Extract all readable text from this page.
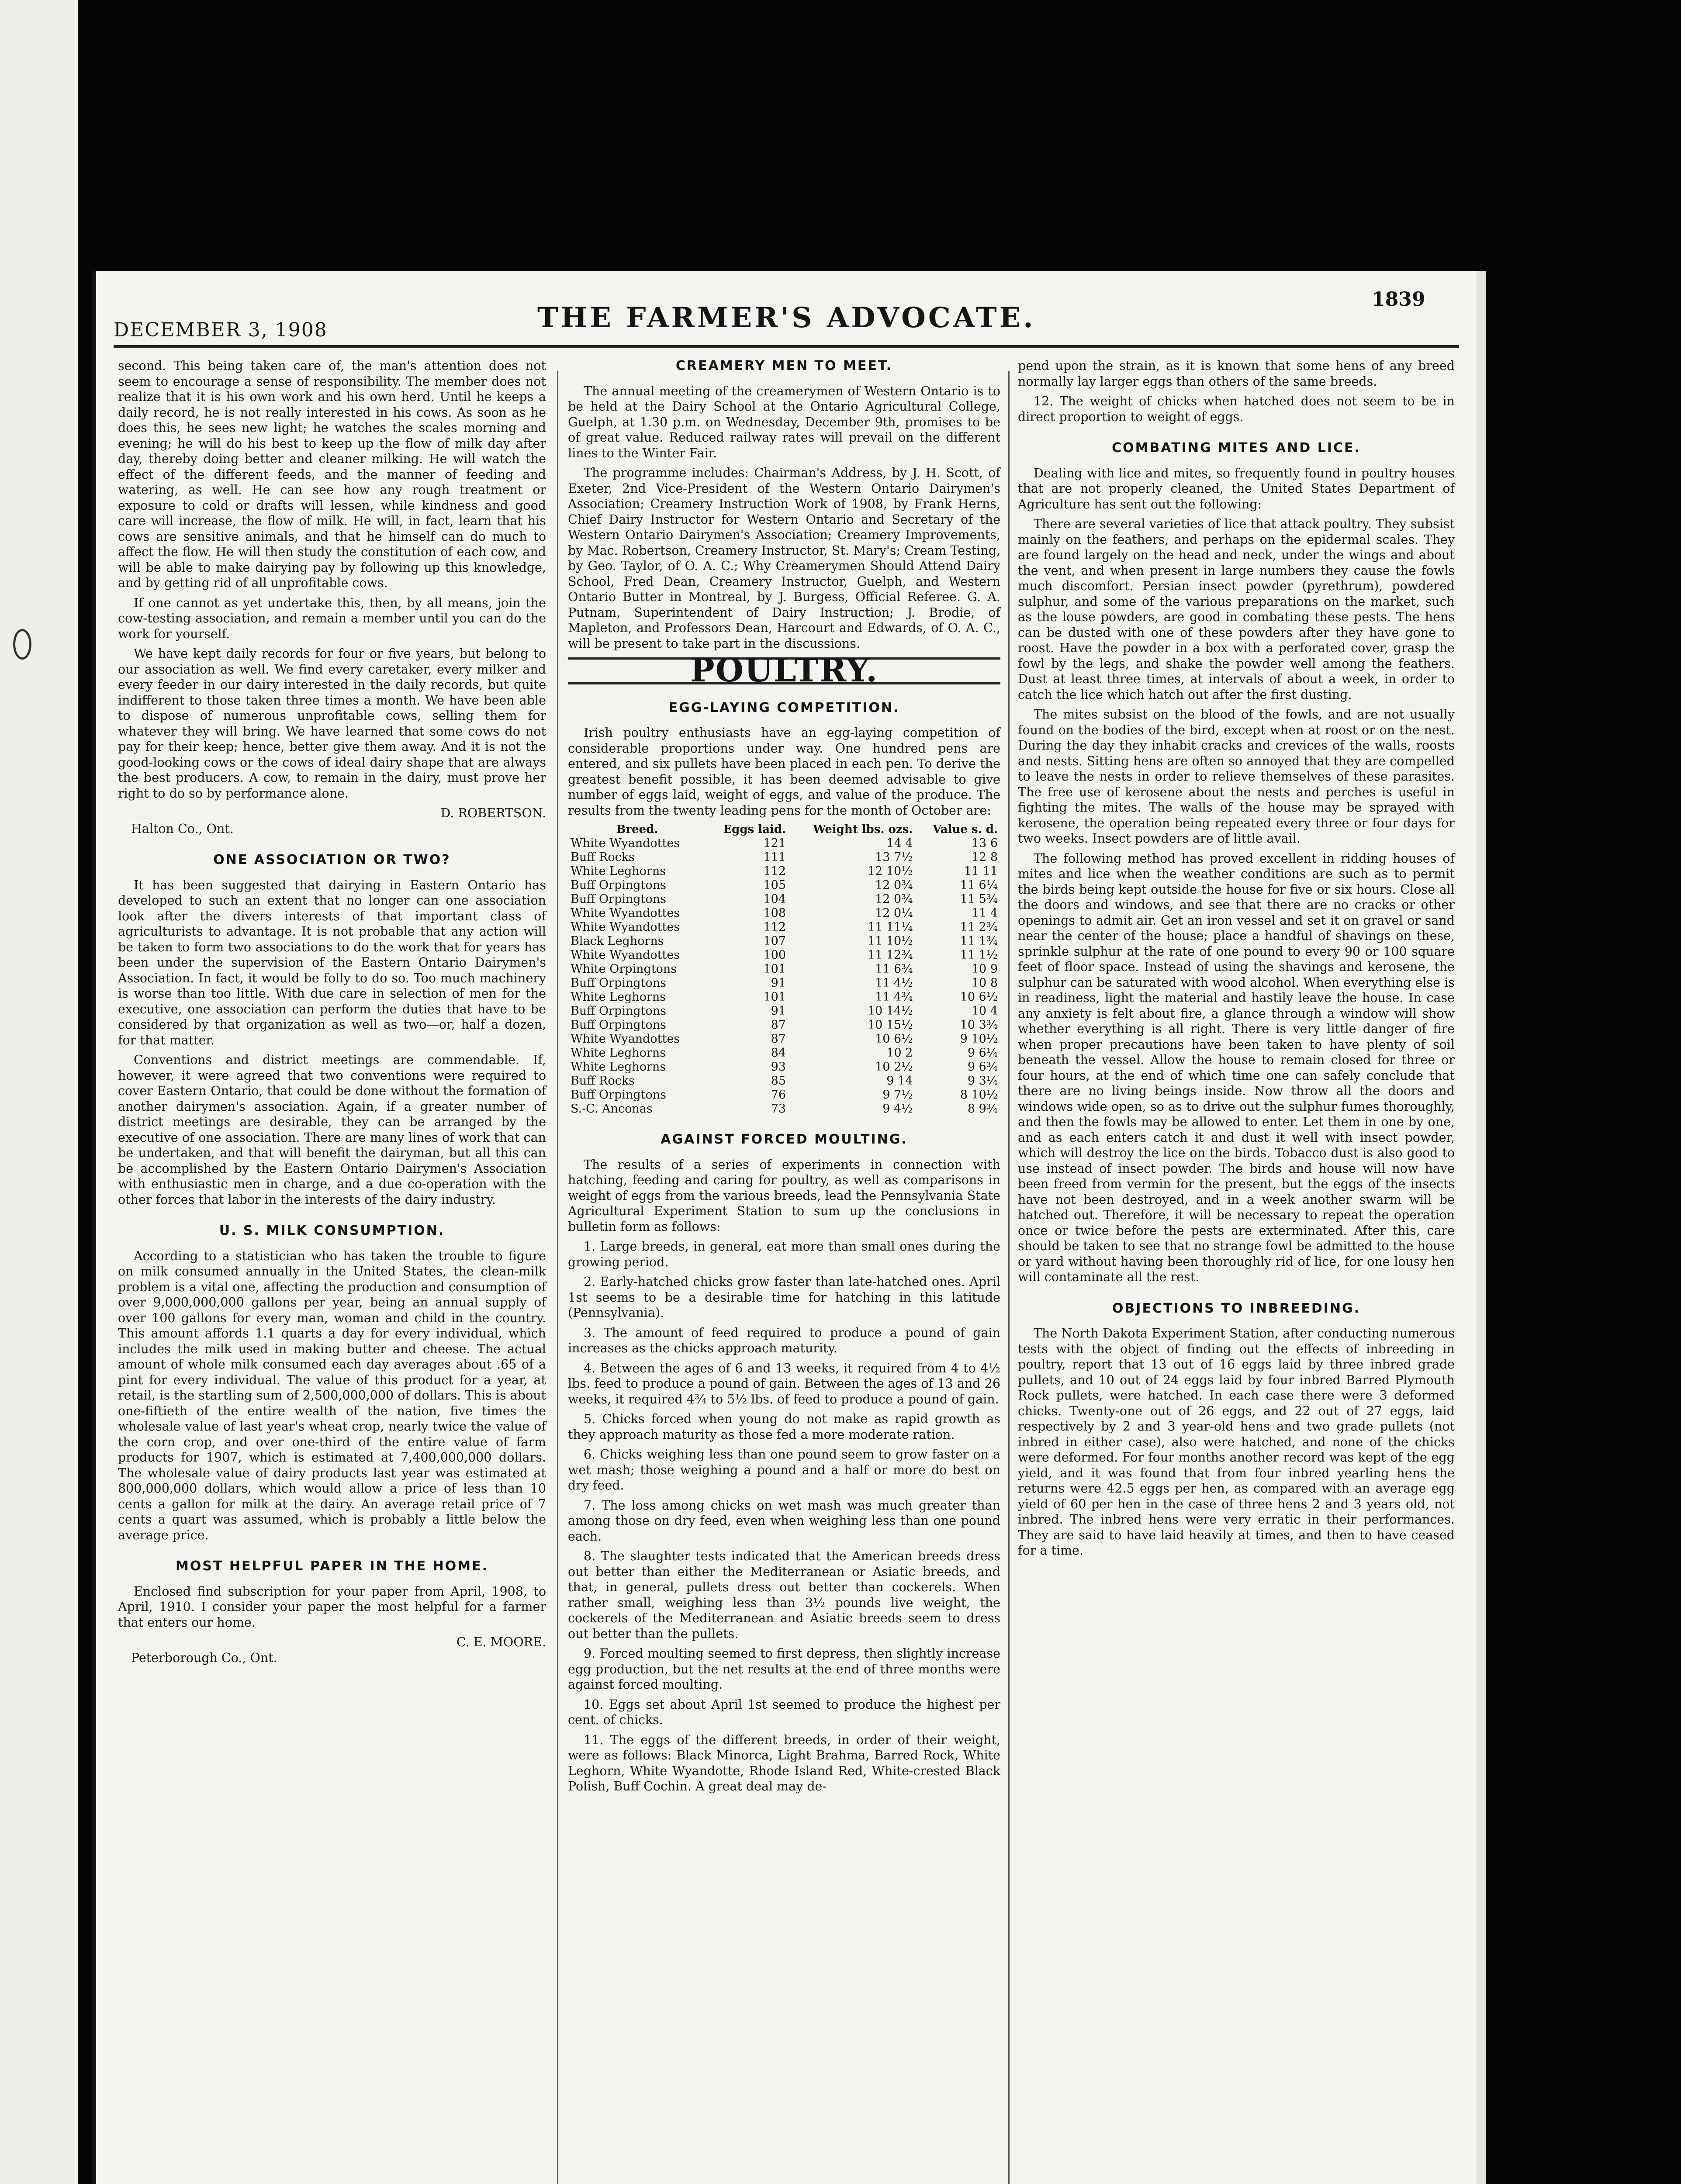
DECEMBER 3, 1908	THE FARMER'S ADVOCATE.
1839

second. This being taken care of, the man's attention does not seem to encourage a sense of responsibility. The member does not realize that it is his own work and his own herd. Until he keeps a daily record, he is not really interested in his cows. As soon as he does this, he sees new light; he watches the scales morning and evening; he will do his best to keep up the flow of milk day after day, thereby doing better and cleaner milking. He will watch the effect of the different feeds, and the manner of feeding and watering, as well. He can see how any rough treatment or exposure to cold or drafts will lessen, while kindness and good care will increase, the flow of milk. He will, in fact, learn that his cows are sensitive animals, and that he himself can do much to affect the flow. He will then study the constitution of each cow, and will be able to make dairying pay by following up this knowledge, and by getting rid of all unprofitable cows.

If one cannot as yet undertake this, then, by all means, join the cow-testing association, and remain a member until you can do the work for yourself.

We have kept daily records for four or five years, but belong to our association as well. We find every caretaker, every milker and every feeder in our dairy interested in the daily records, but quite indifferent to those taken three times a month. We have been able to dispose of numerous unprofitable cows, selling them for whatever they will bring. We have learned that some cows do not pay for their keep; hence, better give them away. And it is not the good-looking cows or the cows of ideal dairy shape that are always the best producers. A cow, to remain in the dairy, must prove her right to do so by performance alone.

D. ROBERTSON.

Halton Co., Ont.

ONE ASSOCIATION OR TWO?

It has been suggested that dairying in Eastern Ontario has developed to such an extent that no longer can one association look after the divers interests of that important class of agriculturists to advantage. It is not probable that any action will be taken to form two associations to do the work that for years has been under the supervision of the Eastern Ontario Dairymen's Association. In fact, it would be folly to do so. Too much machinery is worse than too little. With due care in selection of men for the executive, one association can perform the duties that have to be considered by that organization as well as two—or, half a dozen, for that matter.

Conventions and district meetings are commendable. If, however, it were agreed that two conventions were required to cover Eastern Ontario, that could be done without the formation of another dairymen's association. Again, if a greater number of district meetings are desirable, they can be arranged by the executive of one association. There are many lines of work that can be undertaken, and that will benefit the dairyman, but all this can be accomplished by the Eastern Ontario Dairymen's Association with enthusiastic men in charge, and a due co-operation with the other forces that labor in the interests of the dairy industry.

U. S. MILK CONSUMPTION.

According to a statistician who has taken the trouble to figure on milk consumed annually in the United States, the clean-milk problem is a vital one, affecting the production and consumption of over 9,000,000,000 gallons per year, being an annual supply of over 100 gallons for every man, woman and child in the country. This amount affords 1.1 quarts a day for every individual, which includes the milk used in making butter and cheese. The actual amount of whole milk consumed each day averages about .65 of a pint for every individual. The value of this product for a year, at retail, is the startling sum of 2,500,000,000 of dollars. This is about one-fiftieth of the entire wealth of the nation, five times the wholesale value of last year's wheat crop, nearly twice the value of the corn crop, and over one-third of the entire value of farm products for 1907, which is estimated at 7,400,000,000 dollars. The wholesale value of dairy products last year was estimated at 800,000,000 dollars, which would allow a price of less than 10 cents a gallon for milk at the dairy. An average retail price of 7 cents a quart was assumed, which is probably a little below the average price.

MOST HELPFUL PAPER IN THE HOME.

Enclosed find subscription for your paper from April, 1908, to April, 1910. I consider your paper the most helpful for a farmer that enters our home.

C. E. MOORE.

Peterborough Co., Ont.

CREAMERY MEN TO MEET.

The annual meeting of the creamerymen of Western Ontario is to be held at the Dairy School at the Ontario Agricultural College, Guelph, at 1.30 p.m. on Wednesday, December 9th, promises to be of great value. Reduced railway rates will prevail on the different lines to the Winter Fair.

The programme includes: Chairman's Address, by J. H. Scott, of Exeter, 2nd Vice-President of the Western Ontario Dairymen's Association; Creamery Instruction Work of 1908, by Frank Herns, Chief Dairy Instructor for Western Ontario and Secretary of the Western Ontario Dairymen's Association; Creamery Improvements, by Mac. Robertson, Creamery Instructor, St. Mary's; Cream Testing, by Geo. Taylor, of O. A. C.; Why Creamerymen Should Attend Dairy School, Fred Dean, Creamery Instructor, Guelph, and Western Ontario Butter in Montreal, by J. Burgess, Official Referee. G. A. Putnam, Superintendent of Dairy Instruction; J. Brodie, of Mapleton, and Professors Dean, Harcourt and Edwards, of O. A. C., will be present to take part in the discussions.

POULTRY.
EGG-LAYING COMPETITION.

Irish poultry enthusiasts have an egg-laying competition of considerable proportions under way. One hundred pens are entered, and six pullets have been placed in each pen. To derive the greatest benefit possible, it has been deemed advisable to give number of eggs laid, weight of eggs, and value of the produce. The results from the twenty leading pens for the month of October are:

Breed.	Eggs laid.	Weight lbs. ozs.	Value s. d.
White Wyandottes	121	14 4	13 6
Buff Rocks	111	13 7½	12 8
White Leghorns	112	12 10½	11 11
Buff Orpingtons	105	12 0¾	11 6¼
Buff Orpingtons	104	12 0¾	11 5¾
White Wyandottes	108	12 0¼	11 4
White Wyandottes	112	11 11¼	11 2¾
Black Leghorns	107	11 10½	11 1¾
White Wyandottes	100	11 12¾	11 1½
White Orpingtons	101	11 6¾	10 9
Buff Orpingtons	91	11 4½	10 8
White Leghorns	101	11 4¾	10 6½
Buff Orpingtons	91	10 14½	10 4
Buff Orpingtons	87	10 15½	10 3¾
White Wyandottes	87	10 6½	9 10½
White Leghorns	84	10 2	9 6¼
White Leghorns	93	10 2½	9 6¾
Buff Rocks	85	9 14	9 3¼
Buff Orpingtons	76	9 7½	8 10½
S.-C. Anconas	73	9 4½	8 9¾
AGAINST FORCED MOULTING.

The results of a series of experiments in connection with hatching, feeding and caring for poultry, as well as comparisons in weight of eggs from the various breeds, lead the Pennsylvania State Agricultural Experiment Station to sum up the conclusions in bulletin form as follows:

1. Large breeds, in general, eat more than small ones during the growing period.

2. Early-hatched chicks grow faster than late-hatched ones. April 1st seems to be a desirable time for hatching in this latitude (Pennsylvania).

3. The amount of feed required to produce a pound of gain increases as the chicks approach maturity.

4. Between the ages of 6 and 13 weeks, it required from 4 to 4½ lbs. feed to produce a pound of gain. Between the ages of 13 and 26 weeks, it required 4¾ to 5½ lbs. of feed to produce a pound of gain.

5. Chicks forced when young do not make as rapid growth as they approach maturity as those fed a more moderate ration.

6. Chicks weighing less than one pound seem to grow faster on a wet mash; those weighing a pound and a half or more do best on dry feed.

7. The loss among chicks on wet mash was much greater than among those on dry feed, even when weighing less than one pound each.

8. The slaughter tests indicated that the American breeds dress out better than either the Mediterranean or Asiatic breeds, and that, in general, pullets dress out better than cockerels. When rather small, weighing less than 3½ pounds live weight, the cockerels of the Mediterranean and Asiatic breeds seem to dress out better than the pullets.

9. Forced moulting seemed to first depress, then slightly increase egg production, but the net results at the end of three months were against forced moulting.

10. Eggs set about April 1st seemed to produce the highest per cent. of chicks.

11. The eggs of the different breeds, in order of their weight, were as follows: Black Minorca, Light Brahma, Barred Rock, White Leghorn, White Wyandotte, Rhode Island Red, White-crested Black Polish, Buff Cochin. A great deal may de-

pend upon the strain, as it is known that some hens of any breed normally lay larger eggs than others of the same breeds.

12. The weight of chicks when hatched does not seem to be in direct proportion to weight of eggs.

COMBATING MITES AND LICE.

Dealing with lice and mites, so frequently found in poultry houses that are not properly cleaned, the United States Department of Agriculture has sent out the following:

There are several varieties of lice that attack poultry. They subsist mainly on the feathers, and perhaps on the epidermal scales. They are found largely on the head and neck, under the wings and about the vent, and when present in large numbers they cause the fowls much discomfort. Persian insect powder (pyrethrum), powdered sulphur, and some of the various preparations on the market, such as the louse powders, are good in combating these pests. The hens can be dusted with one of these powders after they have gone to roost. Have the powder in a box with a perforated cover, grasp the fowl by the legs, and shake the powder well among the feathers. Dust at least three times, at intervals of about a week, in order to catch the lice which hatch out after the first dusting.

The mites subsist on the blood of the fowls, and are not usually found on the bodies of the bird, except when at roost or on the nest. During the day they inhabit cracks and crevices of the walls, roosts and nests. Sitting hens are often so annoyed that they are compelled to leave the nests in order to relieve themselves of these parasites. The free use of kerosene about the nests and perches is useful in fighting the mites. The walls of the house may be sprayed with kerosene, the operation being repeated every three or four days for two weeks. Insect powders are of little avail.

The following method has proved excellent in ridding houses of mites and lice when the weather conditions are such as to permit the birds being kept outside the house for five or six hours. Close all the doors and windows, and see that there are no cracks or other openings to admit air. Get an iron vessel and set it on gravel or sand near the center of the house; place a handful of shavings on these, sprinkle sulphur at the rate of one pound to every 90 or 100 square feet of floor space. Instead of using the shavings and kerosene, the sulphur can be saturated with wood alcohol. When everything else is in readiness, light the material and hastily leave the house. In case any anxiety is felt about fire, a glance through a window will show whether everything is all right. There is very little danger of fire when proper precautions have been taken to have plenty of soil beneath the vessel. Allow the house to remain closed for three or four hours, at the end of which time one can safely conclude that there are no living beings inside. Now throw all the doors and windows wide open, so as to drive out the sulphur fumes thoroughly, and then the fowls may be allowed to enter. Let them in one by one, and as each enters catch it and dust it well with insect powder, which will destroy the lice on the birds. Tobacco dust is also good to use instead of insect powder. The birds and house will now have been freed from vermin for the present, but the eggs of the insects have not been destroyed, and in a week another swarm will be hatched out. Therefore, it will be necessary to repeat the operation once or twice before the pests are exterminated. After this, care should be taken to see that no strange fowl be admitted to the house or yard without having been thoroughly rid of lice, for one lousy hen will contaminate all the rest.

OBJECTIONS TO INBREEDING.

The North Dakota Experiment Station, after conducting numerous tests with the object of finding out the effects of inbreeding in poultry, report that 13 out of 16 eggs laid by three inbred grade pullets, and 10 out of 24 eggs laid by four inbred Barred Plymouth Rock pullets, were hatched. In each case there were 3 deformed chicks. Twenty-one out of 26 eggs, and 22 out of 27 eggs, laid respectively by 2 and 3 year-old hens and two grade pullets (not inbred in either case), also were hatched, and none of the chicks were deformed. For four months another record was kept of the egg yield, and it was found that from four inbred yearling hens the returns were 42.5 eggs per hen, as compared with an average egg yield of 60 per hen in the case of three hens 2 and 3 years old, not inbred. The inbred hens were very erratic in their performances. They are said to have laid heavily at times, and then to have ceased for a time.
